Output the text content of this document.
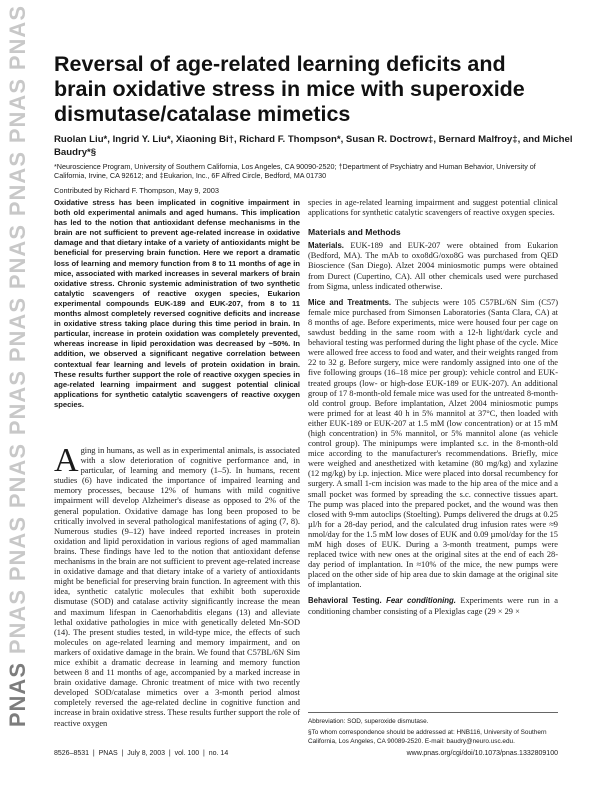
PNAS
PNAS
PNAS
PNAS
PNAS
PNAS
PNAS
PNAS
PNAS
PNAS
Reversal of age-related learning deficits and brain oxidative stress in mice with superoxide dismutase/catalase mimetics
Ruolan Liu*, Ingrid Y. Liu*, Xiaoning Bi†, Richard F. Thompson*, Susan R. Doctrow‡, Bernard Malfroy‡, and Michel Baudry*§
*Neuroscience Program, University of Southern California, Los Angeles, CA 90090-2520; †Department of Psychiatry and Human Behavior, University of California, Irvine, CA 92612; and ‡Eukarion, Inc., 6F Alfred Circle, Bedford, MA 01730
Contributed by Richard F. Thompson, May 9, 2003
Oxidative stress has been implicated in cognitive impairment in both old experimental animals and aged humans. This implication has led to the notion that antioxidant defense mechanisms in the brain are not sufficient to prevent age-related increase in oxidative damage and that dietary intake of a variety of antioxidants might be beneficial for preserving brain function. Here we report a dramatic loss of learning and memory function from 8 to 11 months of age in mice, associated with marked increases in several markers of brain oxidative stress. Chronic systemic administration of two synthetic catalytic scavengers of reactive oxygen species, Eukarion experimental compounds EUK-189 and EUK-207, from 8 to 11 months almost completely reversed cognitive deficits and increase in oxidative stress taking place during this time period in brain. In particular, increase in protein oxidation was completely prevented, whereas increase in lipid peroxidation was decreased by ~50%. In addition, we observed a significant negative correlation between contextual fear learning and levels of protein oxidation in brain. These results further support the role of reactive oxygen species in age-related learning impairment and suggest potential clinical applications for synthetic catalytic scavengers of reactive oxygen species.
Aging in humans, as well as in experimental animals, is associated with a slow deterioration of cognitive performance and, in particular, of learning and memory (1–5). In humans, recent studies (6) have indicated the importance of impaired learning and memory processes, because 12% of humans with mild cognitive impairment will develop Alzheimer's disease as opposed to 2% of the general population. Oxidative damage has long been proposed to be critically involved in several pathological manifestations of aging (7, 8). Numerous studies (9–12) have indeed reported increases in protein oxidation and lipid peroxidation in various regions of aged mammalian brains. These findings have led to the notion that antioxidant defense mechanisms in the brain are not sufficient to prevent age-related increase in oxidative damage and that dietary intake of a variety of antioxidants might be beneficial for preserving brain function. In agreement with this idea, synthetic catalytic molecules that exhibit both superoxide dismutase (SOD) and catalase activity significantly increase the mean and maximum lifespan in Caenorhabditis elegans (13) and alleviate lethal oxidative pathologies in mice with genetically deleted Mn-SOD (14). The present studies tested, in wild-type mice, the effects of such molecules on age-related learning and memory impairment, and on markers of oxidative damage in the brain. We found that C57BL/6N Sim mice exhibit a dramatic decrease in learning and memory function between 8 and 11 months of age, accompanied by a marked increase in brain oxidative damage. Chronic treatment of mice with two recently developed SOD/catalase mimetics over a 3-month period almost completely reversed the age-related decline in cognitive function and increase in brain oxidative stress. These results further support the role of reactive oxygen

species in age-related learning impairment and suggest potential clinical applications for synthetic catalytic scavengers of reactive oxygen species.

Materials and Methods

Materials. EUK-189 and EUK-207 were obtained from Eukarion (Bedford, MA). The mAb to oxo8dG/oxo8G was purchased from QED Bioscience (San Diego). Alzet 2004 miniosmotic pumps were obtained from Durect (Cupertino, CA). All other chemicals used were purchased from Sigma, unless indicated otherwise.

Mice and Treatments. The subjects were 105 C57BL/6N Sim (C57) female mice purchased from Simonsen Laboratories (Santa Clara, CA) at 8 months of age. Before experiments, mice were housed four per cage on sawdust bedding in the same room with a 12-h light/dark cycle and behavioral testing was performed during the light phase of the cycle. Mice were allowed free access to food and water, and their weights ranged from 22 to 32 g. Before surgery, mice were randomly assigned into one of the five following groups (16–18 mice per group): vehicle control and EUK-treated groups (low- or high-dose EUK-189 or EUK-207). An additional group of 17 8-month-old female mice was used for the untreated 8-month-old control group. Before implantation, Alzet 2004 miniosmotic pumps were primed for at least 40 h in 5% mannitol at 37°C, then loaded with either EUK-189 or EUK-207 at 1.5 mM (low concentration) or at 15 mM (high concentration) in 5% mannitol, or 5% mannitol alone (as vehicle control group). The minipumps were implanted s.c. in the 8-month-old mice according to the manufacturer's recommendations. Briefly, mice were weighed and anesthetized with ketamine (80 mg/kg) and xylazine (12 mg/kg) by i.p. injection. Mice were placed into dorsal recumbency for surgery. A small 1-cm incision was made to the hip area of the mice and a small pocket was formed by spreading the s.c. connective tissues apart. The pump was placed into the prepared pocket, and the wound was then closed with 9-mm autoclips (Stoelting). Pumps delivered the drugs at 0.25 µl/h for a 28-day period, and the calculated drug infusion rates were ≈9 nmol/day for the 1.5 mM low doses of EUK and 0.09 µmol/day for the 15 mM high doses of EUK. During a 3-month treatment, pumps were replaced twice with new ones at the original sites at the end of each 28-day period of implantation. In ≈10% of the mice, the new pumps were placed on the other side of hip area due to skin damage at the original site of implantation.

Behavioral Testing. Fear conditioning. Experiments were run in a conditioning chamber consisting of a Plexiglas cage (29 × 29 ×

Abbreviation: SOD, superoxide dismutase.

§To whom correspondence should be addressed at: HNB116, University of Southern California, Los Angeles, CA 90089-2520. E-mail: baudry@neuro.usc.edu.

8526–8531  |  PNAS  |  July 8, 2003  |  vol. 100  |  no. 14	www.pnas.org/cgi/doi/10.1073/pnas.1332809100
